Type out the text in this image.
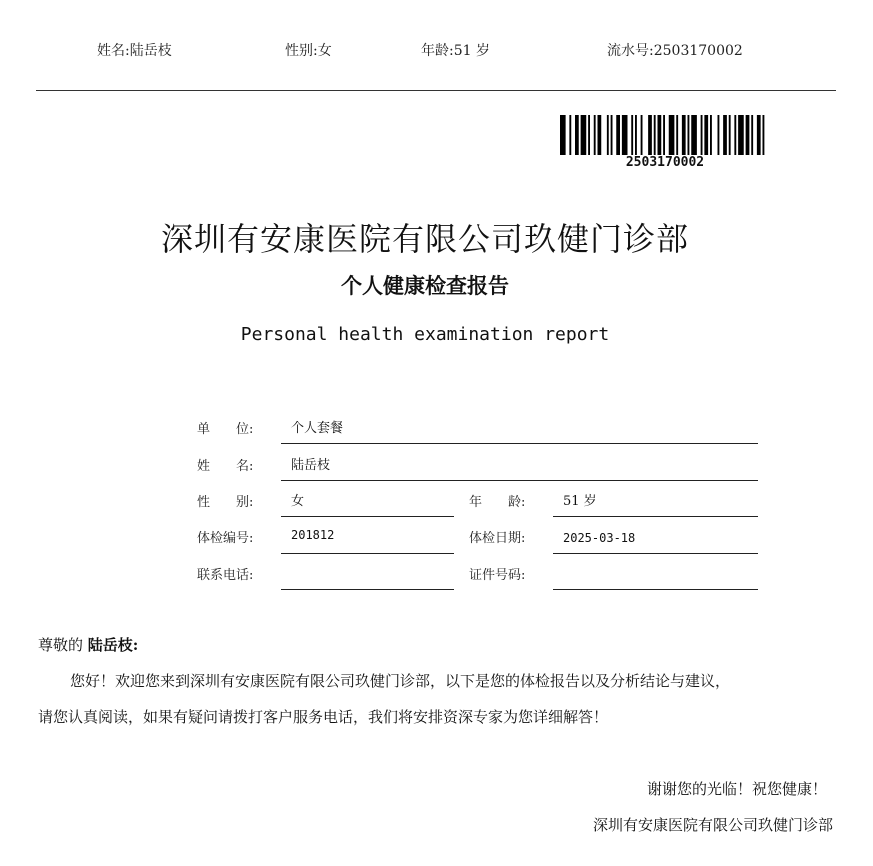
姓名:陆岳枝	性别:女	年龄:51 岁	流水号:2503170002
2503170002
深圳有安康医院有限公司玖健门诊部
个人健康检查报告
Personal health examination report
单　　位:	个人套餐
姓　　名:	陆岳枝
性　　别:	女	年　　龄:	51 岁
体检编号:	201812	体检日期:	2025-03-18
联系电话:	证件号码:
尊敬的 陆岳枝:
您好！欢迎您来到深圳有安康医院有限公司玖健门诊部，以下是您的体检报告以及分析结论与建议，
请您认真阅读，如果有疑问请拨打客户服务电话，我们将安排资深专家为您详细解答！
谢谢您的光临！祝您健康！
深圳有安康医院有限公司玖健门诊部
